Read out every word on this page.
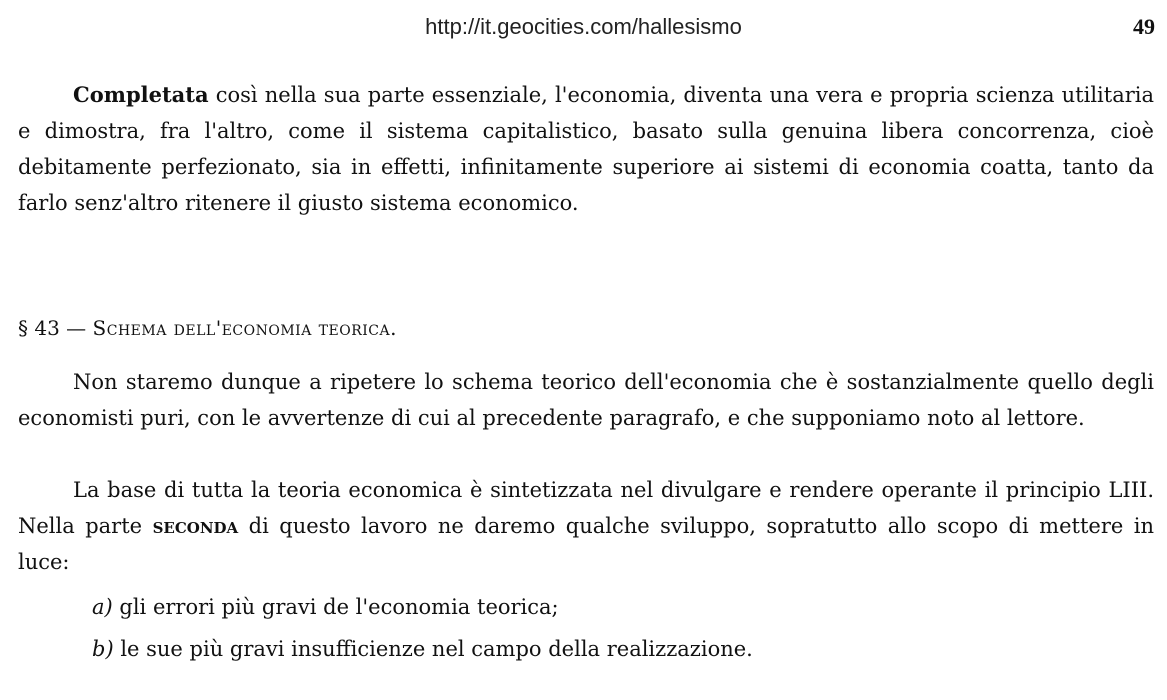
http://it.geocities.com/hallesismo	49

Completata così nella sua parte essenziale, l'economia, diventa una vera e propria scienza utilitaria e dimostra, fra l'altro, come il sistema capitalistico, basato sulla genuina libera concorrenza, cioè debitamente perfezionato, sia in effetti, infinitamente superiore ai sistemi di economia coatta, tanto da farlo senz'altro ritenere il giusto sistema economico.

§ 43 — Schema dell'economia teorica.

Non staremo dunque a ripetere lo schema teorico dell'economia che è sostanzialmente quello degli economisti puri, con le avvertenze di cui al precedente paragrafo, e che supponiamo noto al lettore.

La base di tutta la teoria economica è sintetizzata nel divulgare e rendere operante il principio LIII. Nella parte seconda di questo lavoro ne daremo qualche sviluppo, sopratutto allo scopo di mettere in luce:

a) gli errori più gravi de l'economia teorica;

b) le sue più gravi insufficienze nel campo della realizzazione.
